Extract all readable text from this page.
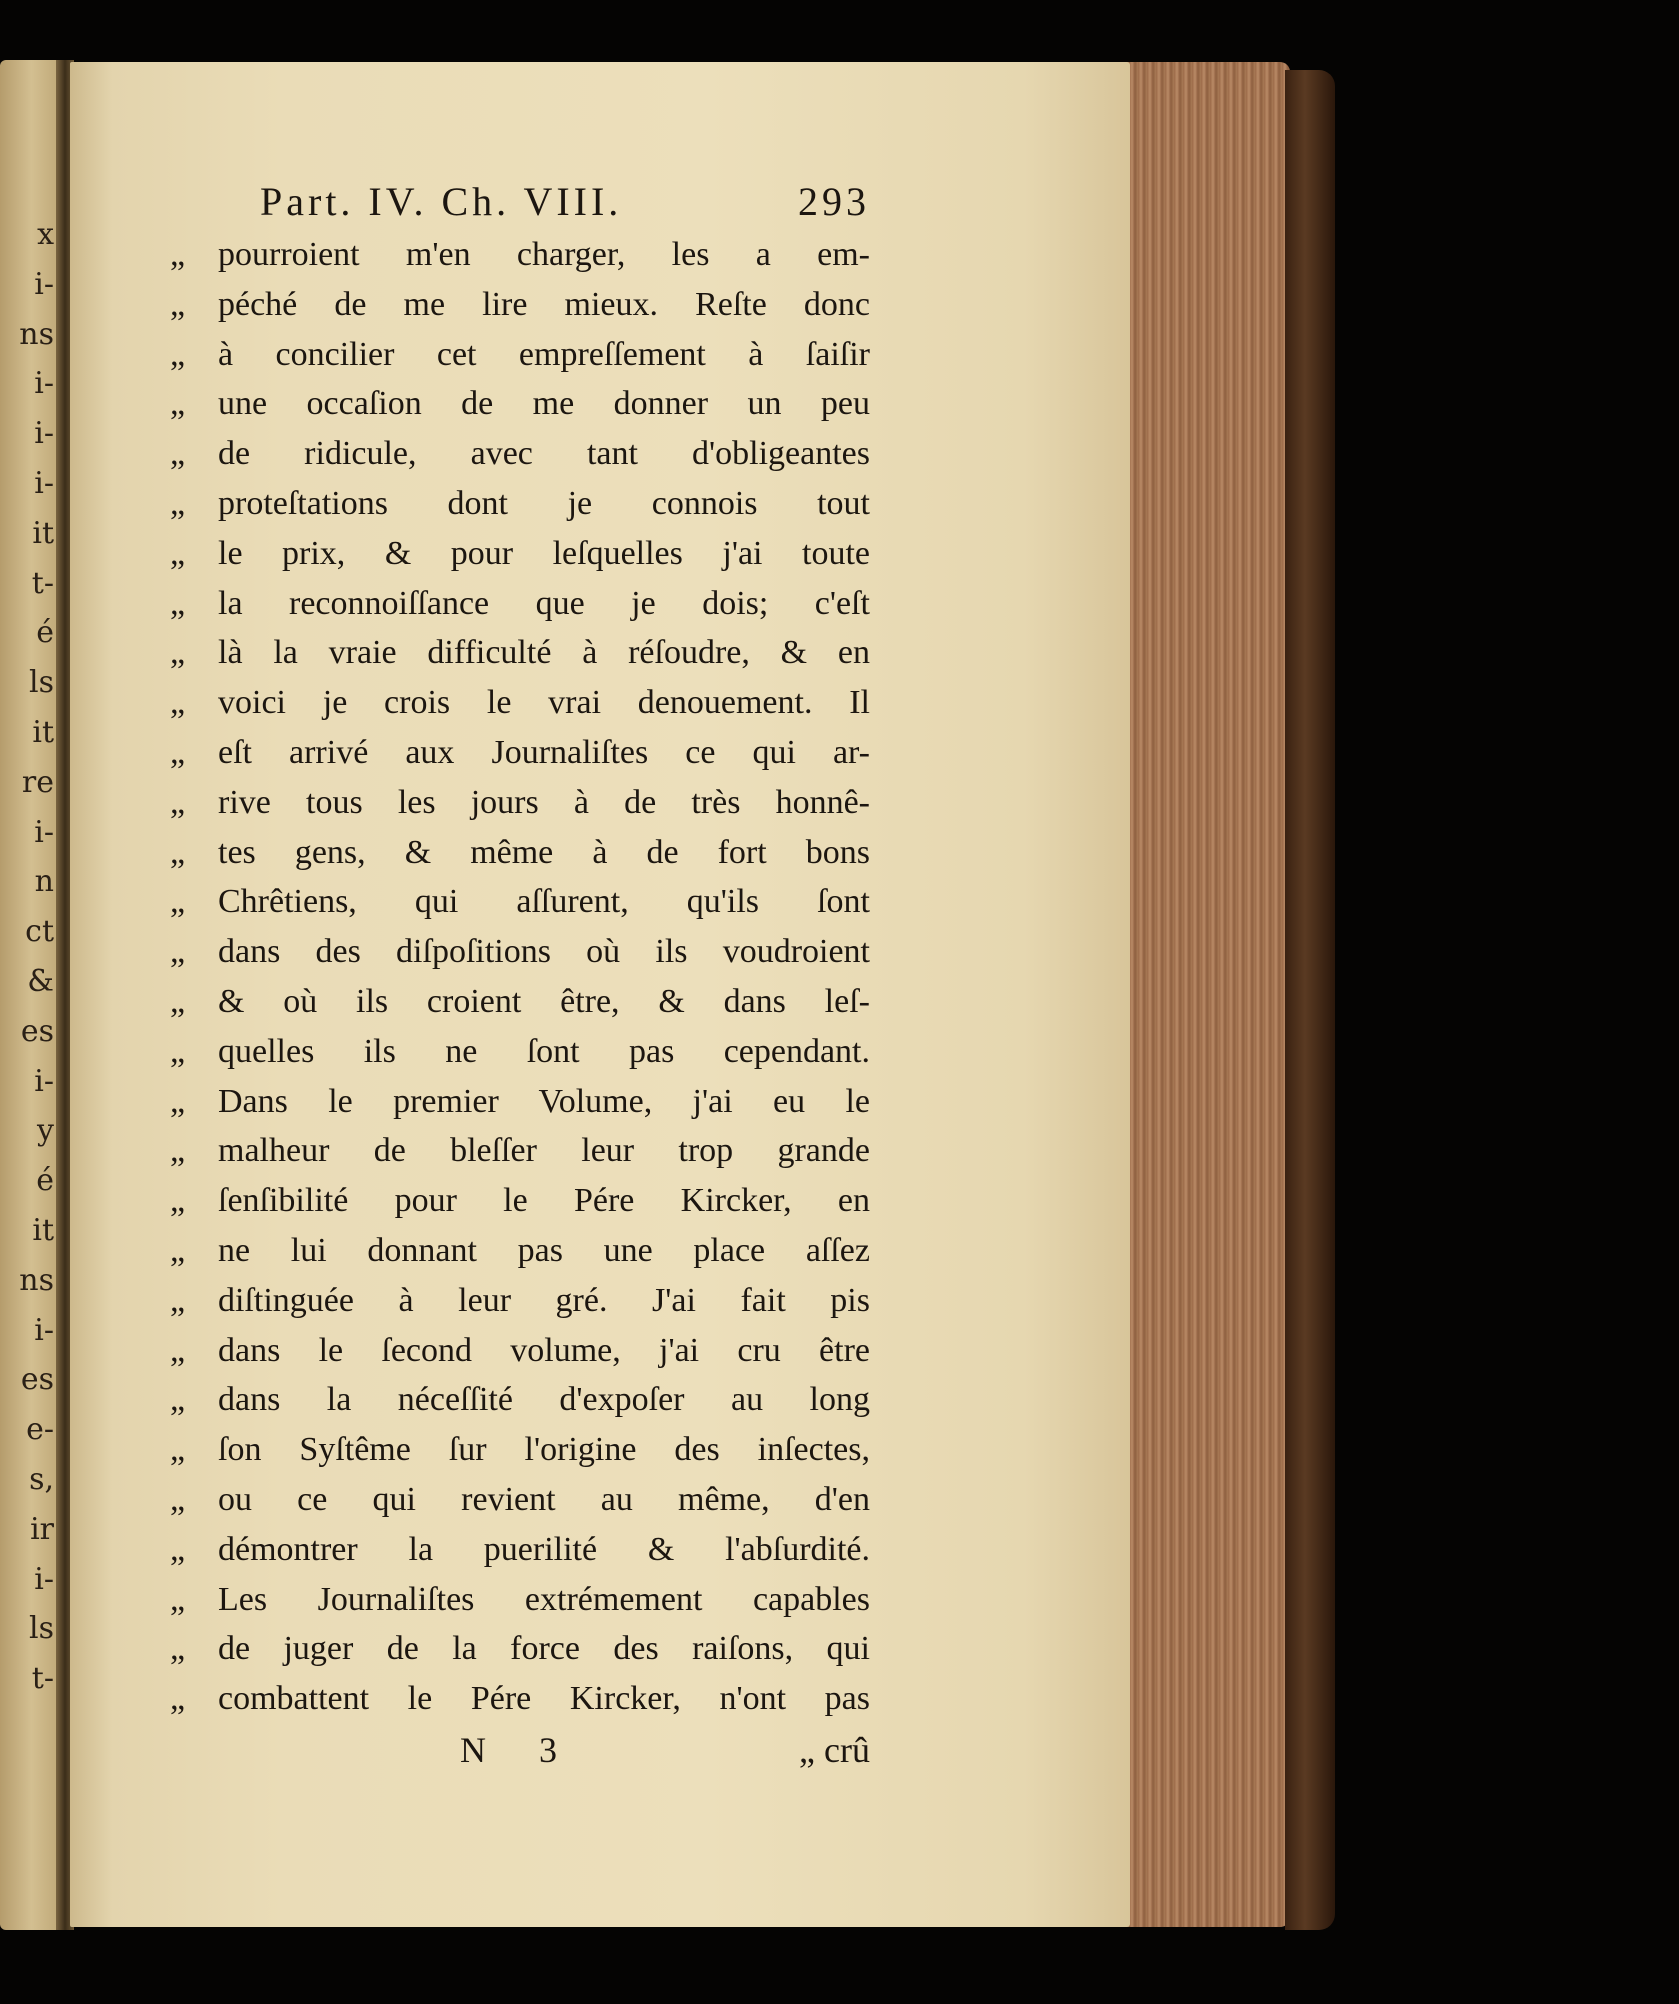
x
i-
ns
i-
i-
i-
it
t-
é
ls
it
re
i-
n
ct
&
es
i-
y
é
it
ns
i-
es
e-
s,
ir
i-
ls
t-
Part. IV. Ch. VIII.	293
„ pourroient m'en charger, les a em-
„ péché de me lire mieux. Reſte donc
„ à concilier cet empreſſement à ſaiſir
„ une occaſion de me donner un peu
„ de ridicule, avec tant d'obligeantes
„ proteſtations dont je connois tout
„ le prix, & pour leſquelles j'ai toute
„ la reconnoiſſance que je dois; c'eſt
„ là la vraie difficulté à réſoudre, & en
„ voici je crois le vrai denouement. Il
„ eſt arrivé aux Journaliſtes ce qui ar-
„ rive tous les jours à de très honnê-
„ tes gens, & même à de fort bons
„ Chrêtiens, qui aſſurent, qu'ils ſont
„ dans des diſpoſitions où ils voudroient
„ & où ils croient être, & dans leſ-
„ quelles ils ne ſont pas cependant.
„ Dans le premier Volume, j'ai eu le
„ malheur de bleſſer leur trop grande
„ ſenſibilité pour le Pére Kircker, en
„ ne lui donnant pas une place aſſez
„ diſtinguée à leur gré. J'ai fait pis
„ dans le ſecond volume, j'ai cru être
„ dans la néceſſité d'expoſer au long
„ ſon Syſtême ſur l'origine des inſectes,
„ ou ce qui revient au même, d'en
„ démontrer la puerilité & l'abſurdité.
„ Les Journaliſtes extrémement capables
„ de juger de la force des raiſons, qui
„ combattent le Pére Kircker, n'ont pas
N 3	„ crû
